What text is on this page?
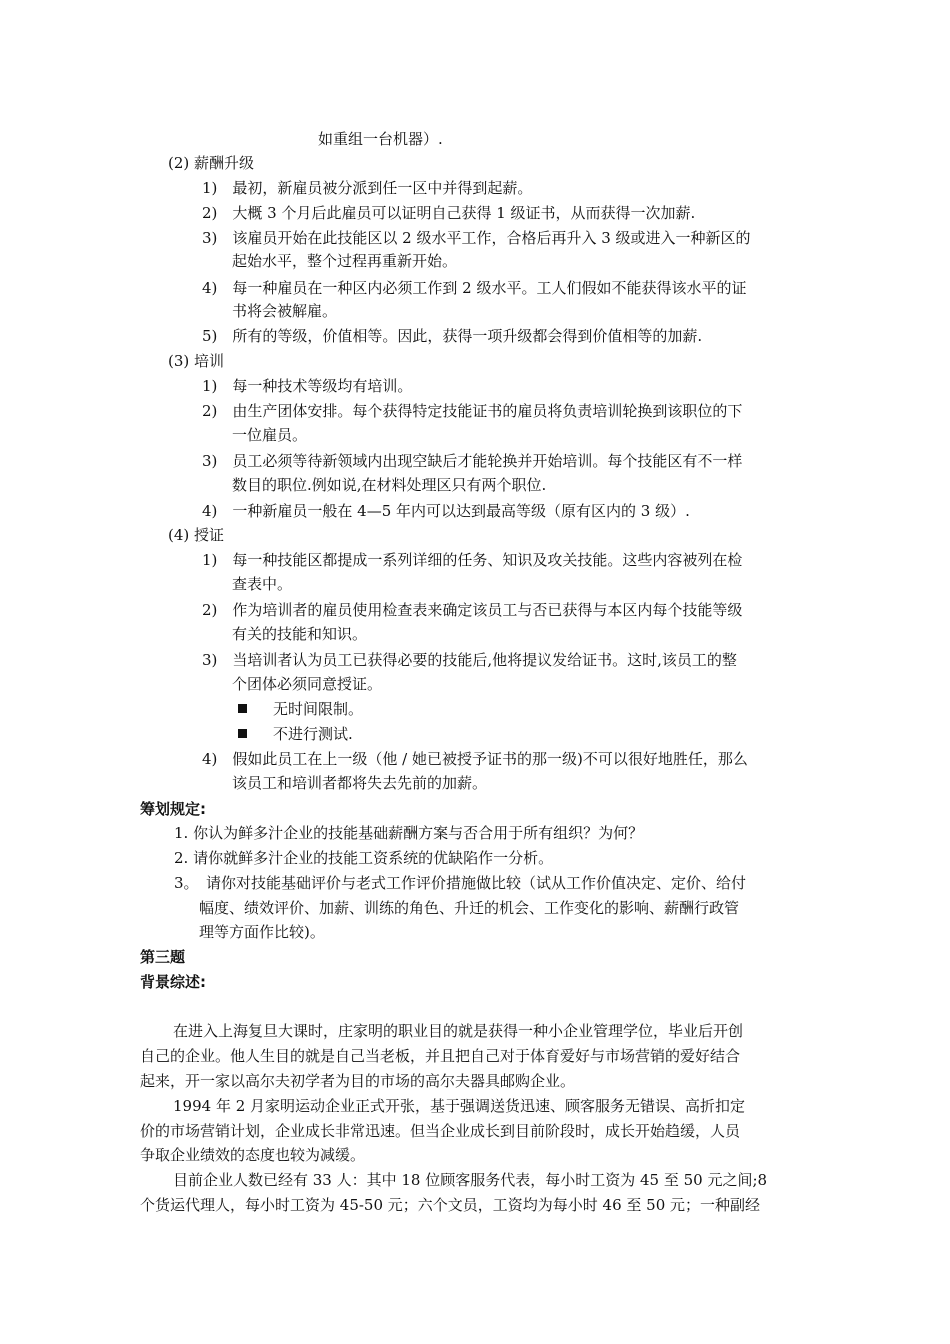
如重组一台机器）.
(2) 薪酬升级
1)　最初，新雇员被分派到任一区中并得到起薪。
2)　大概 3 个月后此雇员可以证明自己获得 1 级证书，从而获得一次加薪.
3)　该雇员开始在此技能区以 2 级水平工作，合格后再升入 3 级或进入一种新区的
起始水平，整个过程再重新开始。
4)　每一种雇员在一种区内必须工作到 2 级水平。工人们假如不能获得该水平的证
书将会被解雇。
5)　所有的等级，价值相等。因此，获得一项升级都会得到价值相等的加薪.
(3) 培训
1)　每一种技术等级均有培训。
2)　由生产团体安排。每个获得特定技能证书的雇员将负责培训轮换到该职位的下
一位雇员。
3)　员工必须等待新领域内出现空缺后才能轮换并开始培训。每个技能区有不一样
数目的职位.例如说,在材料处理区只有两个职位.
4)　一种新雇员一般在 4—5 年内可以达到最高等级（原有区内的 3 级）.
(4) 授证
1)　每一种技能区都提成一系列详细的任务、知识及攻关技能。这些内容被列在检
查表中。
2)　作为培训者的雇员使用检查表来确定该员工与否已获得与本区内每个技能等级
有关的技能和知识。
3)　当培训者认为员工已获得必要的技能后,他将提议发给证书。这时,该员工的整
个团体必须同意授证。
无时间限制。
不进行测试.
4)　假如此员工在上一级（他 / 她已被授予证书的那一级)不可以很好地胜任，那么
该员工和培训者都将失去先前的加薪。
筹划规定:
1. 你认为鲜多汁企业的技能基础薪酬方案与否合用于所有组织？为何？
2. 请你就鲜多汁企业的技能工资系统的优缺陷作一分析。
3。　请你对技能基础评价与老式工作评价措施做比较（试从工作价值决定、定价、给付
幅度、绩效评价、加薪、训练的角色、升迁的机会、工作变化的影响、薪酬行政管
理等方面作比较)。
第三题
背景综述:
在进入上海复旦大课时，庄家明的职业目的就是获得一种小企业管理学位，毕业后开创
自己的企业。他人生目的就是自己当老板，并且把自己对于体育爱好与市场营销的爱好结合
起来，开一家以高尔夫初学者为目的市场的高尔夫器具邮购企业。
1994 年 2 月家明运动企业正式开张，基于强调送货迅速、顾客服务无错误、高折扣定
价的市场营销计划，企业成长非常迅速。但当企业成长到目前阶段时，成长开始趋缓，人员
争取企业绩效的态度也较为减缓。
目前企业人数已经有 33 人：其中 18 位顾客服务代表，每小时工资为 45 至 50 元之间;8
个货运代理人，每小时工资为 45-50 元；六个文员，工资均为每小时 46 至 50 元；一种副经
